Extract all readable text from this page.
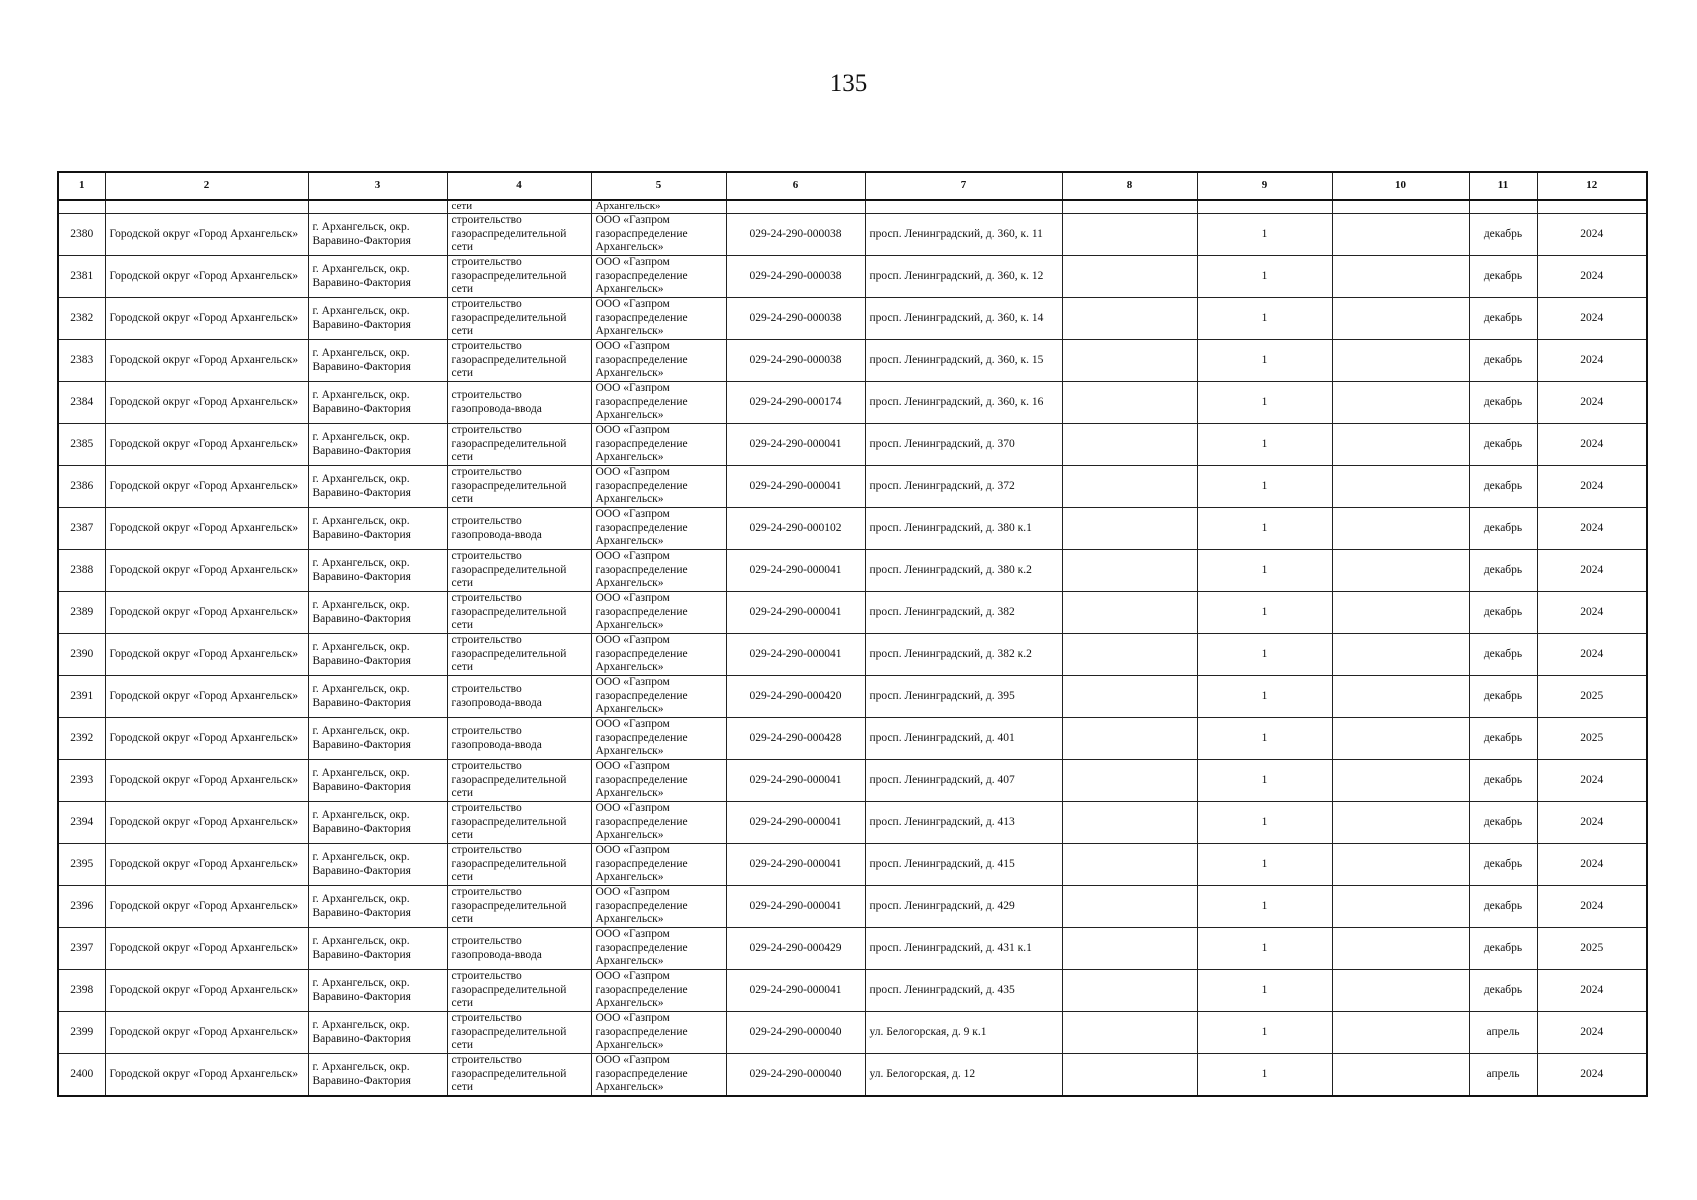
135
1	2	3	4	5	6	7	8	9	10	11	12
			сети	Архангельск»							
2380	Городской округ «Город Архангельск»	г. Архангельск, окр. Варавино-Фактория	строительство газораспределительной сети	ООО «Газпром газораспределение Архангельск»	029-24-290-000038	просп. Ленинградский, д. 360, к. 11		1		декабрь	2024
2381	Городской округ «Город Архангельск»	г. Архангельск, окр. Варавино-Фактория	строительство газораспределительной сети	ООО «Газпром газораспределение Архангельск»	029-24-290-000038	просп. Ленинградский, д. 360, к. 12		1		декабрь	2024
2382	Городской округ «Город Архангельск»	г. Архангельск, окр. Варавино-Фактория	строительство газораспределительной сети	ООО «Газпром газораспределение Архангельск»	029-24-290-000038	просп. Ленинградский, д. 360, к. 14		1		декабрь	2024
2383	Городской округ «Город Архангельск»	г. Архангельск, окр. Варавино-Фактория	строительство газораспределительной сети	ООО «Газпром газораспределение Архангельск»	029-24-290-000038	просп. Ленинградский, д. 360, к. 15		1		декабрь	2024
2384	Городской округ «Город Архангельск»	г. Архангельск, окр. Варавино-Фактория	строительство газопровода-ввода	ООО «Газпром газораспределение Архангельск»	029-24-290-000174	просп. Ленинградский, д. 360, к. 16		1		декабрь	2024
2385	Городской округ «Город Архангельск»	г. Архангельск, окр. Варавино-Фактория	строительство газораспределительной сети	ООО «Газпром газораспределение Архангельск»	029-24-290-000041	просп. Ленинградский, д. 370		1		декабрь	2024
2386	Городской округ «Город Архангельск»	г. Архангельск, окр. Варавино-Фактория	строительство газораспределительной сети	ООО «Газпром газораспределение Архангельск»	029-24-290-000041	просп. Ленинградский, д. 372		1		декабрь	2024
2387	Городской округ «Город Архангельск»	г. Архангельск, окр. Варавино-Фактория	строительство газопровода-ввода	ООО «Газпром газораспределение Архангельск»	029-24-290-000102	просп. Ленинградский, д. 380 к.1		1		декабрь	2024
2388	Городской округ «Город Архангельск»	г. Архангельск, окр. Варавино-Фактория	строительство газораспределительной сети	ООО «Газпром газораспределение Архангельск»	029-24-290-000041	просп. Ленинградский, д. 380 к.2		1		декабрь	2024
2389	Городской округ «Город Архангельск»	г. Архангельск, окр. Варавино-Фактория	строительство газораспределительной сети	ООО «Газпром газораспределение Архангельск»	029-24-290-000041	просп. Ленинградский, д. 382		1		декабрь	2024
2390	Городской округ «Город Архангельск»	г. Архангельск, окр. Варавино-Фактория	строительство газораспределительной сети	ООО «Газпром газораспределение Архангельск»	029-24-290-000041	просп. Ленинградский, д. 382 к.2		1		декабрь	2024
2391	Городской округ «Город Архангельск»	г. Архангельск, окр. Варавино-Фактория	строительство газопровода-ввода	ООО «Газпром газораспределение Архангельск»	029-24-290-000420	просп. Ленинградский, д. 395		1		декабрь	2025
2392	Городской округ «Город Архангельск»	г. Архангельск, окр. Варавино-Фактория	строительство газопровода-ввода	ООО «Газпром газораспределение Архангельск»	029-24-290-000428	просп. Ленинградский, д. 401		1		декабрь	2025
2393	Городской округ «Город Архангельск»	г. Архангельск, окр. Варавино-Фактория	строительство газораспределительной сети	ООО «Газпром газораспределение Архангельск»	029-24-290-000041	просп. Ленинградский, д. 407		1		декабрь	2024
2394	Городской округ «Город Архангельск»	г. Архангельск, окр. Варавино-Фактория	строительство газораспределительной сети	ООО «Газпром газораспределение Архангельск»	029-24-290-000041	просп. Ленинградский, д. 413		1		декабрь	2024
2395	Городской округ «Город Архангельск»	г. Архангельск, окр. Варавино-Фактория	строительство газораспределительной сети	ООО «Газпром газораспределение Архангельск»	029-24-290-000041	просп. Ленинградский, д. 415		1		декабрь	2024
2396	Городской округ «Город Архангельск»	г. Архангельск, окр. Варавино-Фактория	строительство газораспределительной сети	ООО «Газпром газораспределение Архангельск»	029-24-290-000041	просп. Ленинградский, д. 429		1		декабрь	2024
2397	Городской округ «Город Архангельск»	г. Архангельск, окр. Варавино-Фактория	строительство газопровода-ввода	ООО «Газпром газораспределение Архангельск»	029-24-290-000429	просп. Ленинградский, д. 431 к.1		1		декабрь	2025
2398	Городской округ «Город Архангельск»	г. Архангельск, окр. Варавино-Фактория	строительство газораспределительной сети	ООО «Газпром газораспределение Архангельск»	029-24-290-000041	просп. Ленинградский, д. 435		1		декабрь	2024
2399	Городской округ «Город Архангельск»	г. Архангельск, окр. Варавино-Фактория	строительство газораспределительной сети	ООО «Газпром газораспределение Архангельск»	029-24-290-000040	ул. Белогорская, д. 9 к.1		1		апрель	2024
2400	Городской округ «Город Архангельск»	г. Архангельск, окр. Варавино-Фактория	строительство газораспределительной сети	ООО «Газпром газораспределение Архангельск»	029-24-290-000040	ул. Белогорская, д. 12		1		апрель	2024
